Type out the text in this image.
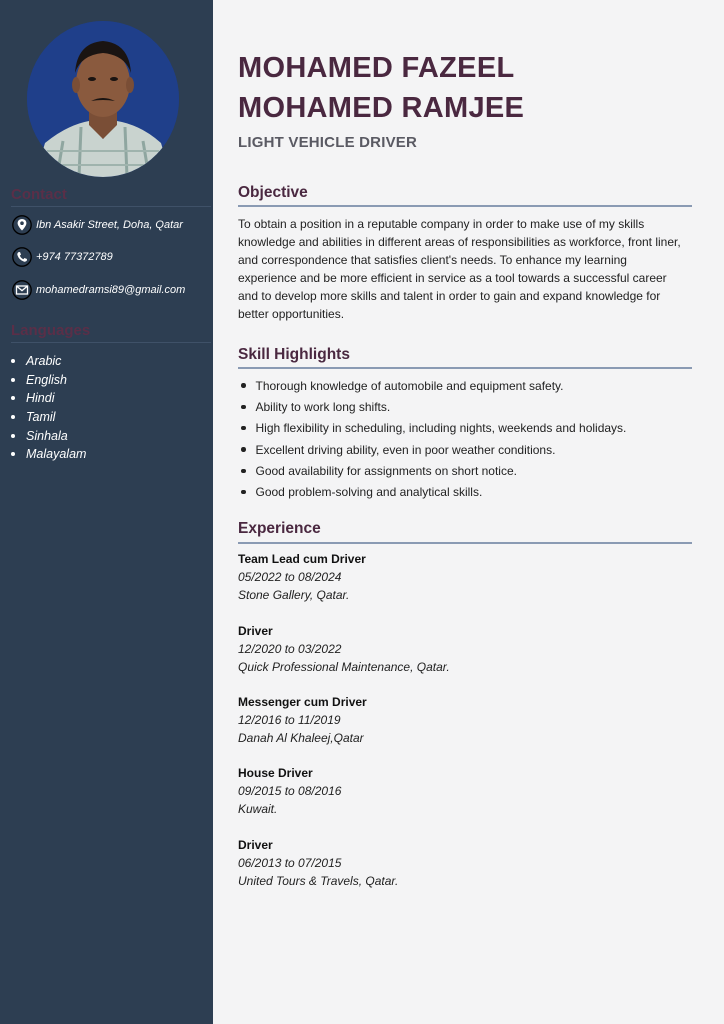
Contact
Ibn Asakir Street, Doha, Qatar
+974 77372789
mohamedramsi89@gmail.com
Languages
Arabic
English
Hindi
Tamil
Sinhala
Malayalam
MOHAMED FAZEEL
MOHAMED RAMJEE
LIGHT VEHICLE DRIVER
Objective
To obtain a position in a reputable company in order to make use of my skills knowledge and abilities in different areas of responsibilities as workforce, front liner, and correspondence that satisfies client's needs. To enhance my learning experience and be more efficient in service as a tool towards a successful career and to develop more skills and talent in order to gain and expand knowledge for better opportunities.
Skill Highlights
Thorough knowledge of automobile and equipment safety.
Ability to work long shifts.
High flexibility in scheduling, including nights, weekends and holidays.
Excellent driving ability, even in poor weather conditions.
Good availability for assignments on short notice.
Good problem-solving and analytical skills.
Experience
Team Lead cum Driver
05/2022 to 08/2024
Stone Gallery, Qatar.
Driver
12/2020 to 03/2022
Quick Professional Maintenance, Qatar.
Messenger cum Driver
12/2016 to 11/2019
Danah Al Khaleej,Qatar
House Driver
09/2015 to 08/2016
Kuwait.
Driver
06/2013 to 07/2015
United Tours & Travels, Qatar.
